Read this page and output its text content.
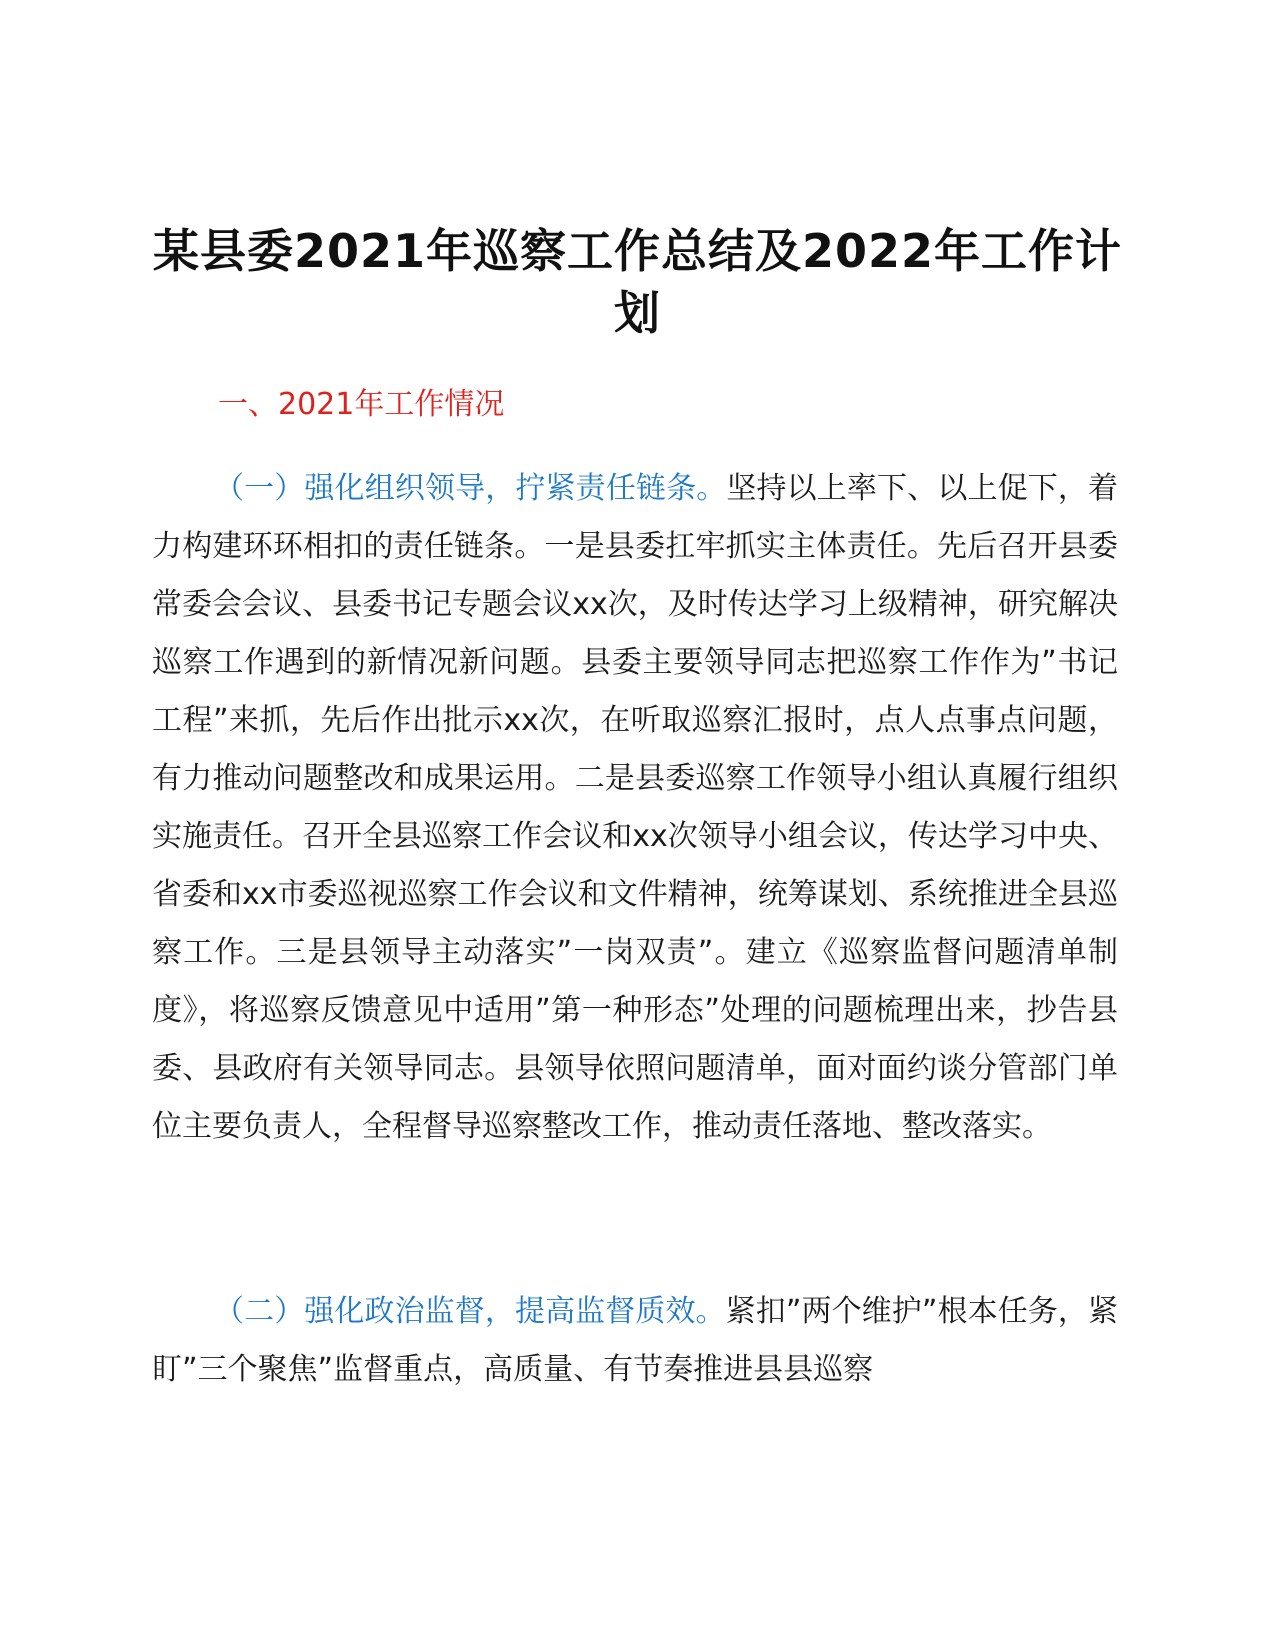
某县委2021年巡察工作总结及2022年工作计划
一、2021年工作情况

（一）强化组织领导，拧紧责任链条。坚持以上率下、以上促下，着力构建环环相扣的责任链条。一是县委扛牢抓实主体责任。先后召开县委常委会会议、县委书记专题会议xx次，及时传达学习上级精神，研究解决巡察工作遇到的新情况新问题。县委主要领导同志把巡察工作作为”书记工程”来抓，先后作出批示xx次，在听取巡察汇报时，点人点事点问题，有力推动问题整改和成果运用。二是县委巡察工作领导小组认真履行组织实施责任。召开全县巡察工作会议和xx次领导小组会议，传达学习中央、省委和xx市委巡视巡察工作会议和文件精神，统筹谋划、系统推进全县巡察工作。三是县领导主动落实”一岗双责”。建立《巡察监督问题清单制度》，将巡察反馈意见中适用”第一种形态”处理的问题梳理出来，抄告县委、县政府有关领导同志。县领导依照问题清单，面对面约谈分管部门单位主要负责人，全程督导巡察整改工作，推动责任落地、整改落实。

（二）强化政治监督，提高监督质效。紧扣”两个维护”根本任务，紧盯”三个聚焦”监督重点，高质量、有节奏推进县县巡察
